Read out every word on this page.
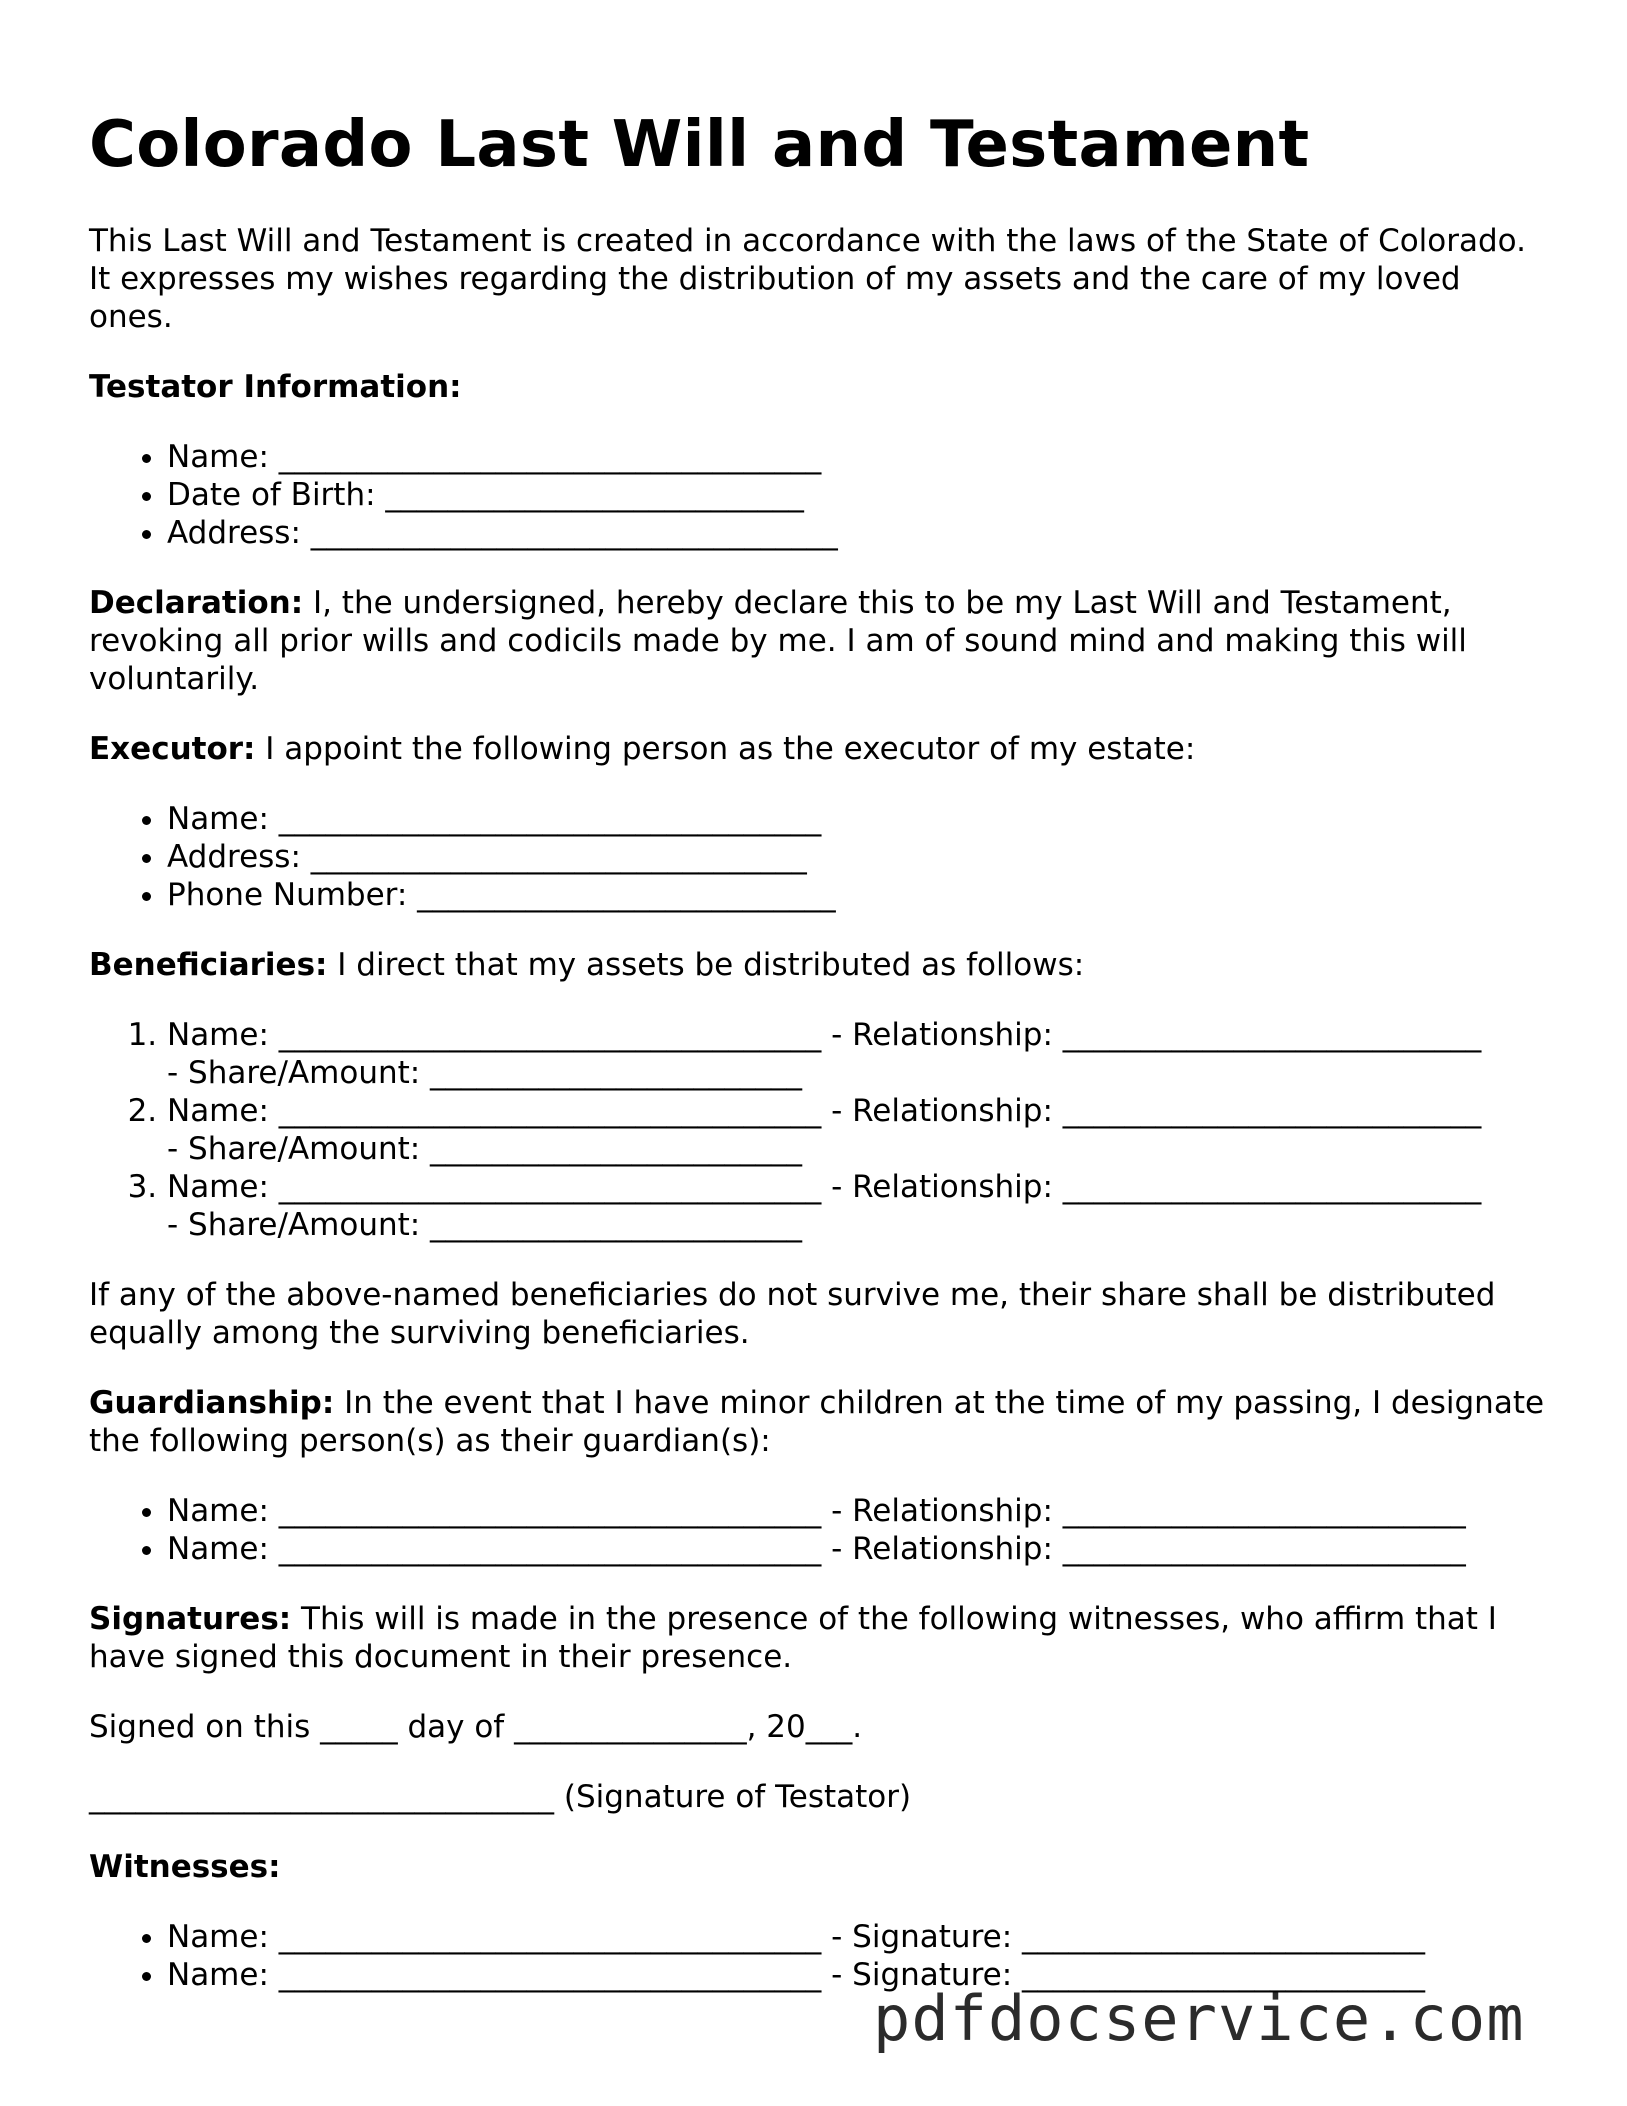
Colorado Last Will and Testament

This Last Will and Testament is created in accordance with the laws of the State of Colorado. It expresses my wishes regarding the distribution of my assets and the care of my loved ones.

Testator Information:

• Name: ___________________________________
• Date of Birth: ___________________________
• Address: __________________________________

Declaration: I, the undersigned, hereby declare this to be my Last Will and Testament, revoking all prior wills and codicils made by me. I am of sound mind and making this will voluntarily.

Executor: I appoint the following person as the executor of my estate:

• Name: ___________________________________
• Address: ________________________________
• Phone Number: ___________________________

Beneficiaries: I direct that my assets be distributed as follows:

1. Name: ___________________________________ - Relationship: ___________________________
- Share/Amount: ________________________
2. Name: ___________________________________ - Relationship: ___________________________
- Share/Amount: ________________________
3. Name: ___________________________________ - Relationship: ___________________________
- Share/Amount: ________________________

If any of the above-named beneficiaries do not survive me, their share shall be distributed equally among the surviving beneficiaries.

Guardianship: In the event that I have minor children at the time of my passing, I designate the following person(s) as their guardian(s):

• Name: ___________________________________ - Relationship: __________________________
• Name: ___________________________________ - Relationship: __________________________

Signatures: This will is made in the presence of the following witnesses, who affirm that I have signed this document in their presence.

Signed on this _____ day of _______________, 20___.

______________________________ (Signature of Testator)

Witnesses:

• Name: ___________________________________ - Signature: __________________________
• Name: ___________________________________ - Signature: __________________________
pdfdocservice.com
